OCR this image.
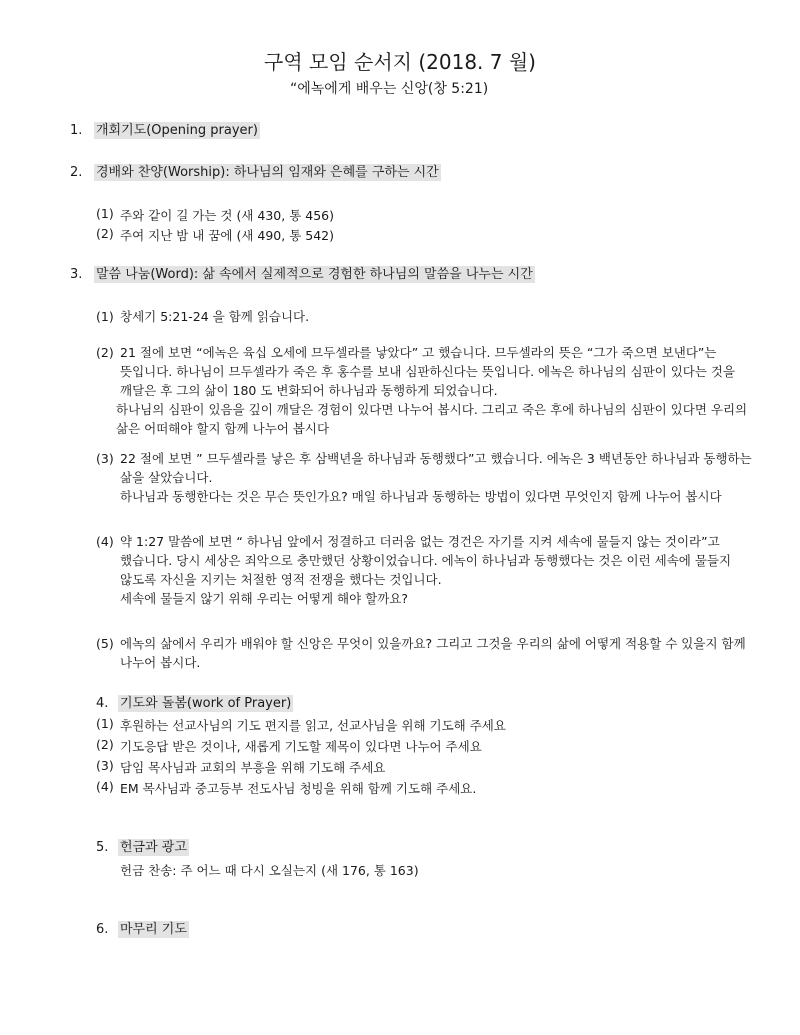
구역 모임 순서지 (2018. 7 월)
“에녹에게 배우는 신앙(창 5:21)
1. 개회기도(Opening prayer)
2. 경배와 찬양(Worship): 하나님의 임재와 은혜를 구하는 시간
(1) 주와 같이 길 가는 것 (새 430, 통 456)
(2) 주여 지난 밤 내 꿈에 (새 490, 통 542)
3. 말씀 나눔(Word): 삶 속에서 실제적으로 경험한 하나님의 말씀을 나누는 시간
(1) 창세기 5:21-24 을 함께 읽습니다.
(2) 21 절에 보면 “에녹은 육십 오세에 므두셀라를 낳았다” 고 했습니다. 므두셀라의 뜻은 “그가 죽으면 보낸다”는
뜻입니다. 하나님이 므두셀라가 죽은 후 홍수를 보내 심판하신다는 뜻입니다. 에녹은 하나님의 심판이 있다는 것을
깨달은 후 그의 삶이 180 도 변화되어 하나님과 동행하게 되었습니다.
하나님의 심판이 있음을 깊이 깨달은 경험이 있다면 나누어 봅시다. 그리고 죽은 후에 하나님의 심판이 있다면 우리의
삶은 어떠해야 할지 함께 나누어 봅시다
(3) 22 절에 보면 ” 므두셀라를 낳은 후 삼백년을 하나님과 동행했다”고 했습니다. 에녹은 3 백년동안 하나님과 동행하는
삶을 살았습니다.
하나님과 동행한다는 것은 무슨 뜻인가요? 매일 하나님과 동행하는 방법이 있다면 무엇인지 함께 나누어 봅시다
(4) 약 1:27 말씀에 보면 “ 하나님 앞에서 정결하고 더러움 없는 경건은 자기를 지켜 세속에 물들지 않는 것이라”고
했습니다. 당시 세상은 죄악으로 충만했던 상황이었습니다. 에녹이 하나님과 동행했다는 것은 이런 세속에 물들지
않도록 자신을 지키는 처절한 영적 전쟁을 했다는 것입니다.
세속에 물들지 않기 위해 우리는 어떻게 해야 할까요?
(5) 에녹의 삶에서 우리가 배워야 할 신앙은 무엇이 있을까요? 그리고 그것을 우리의 삶에 어떻게 적용할 수 있을지 함께
나누어 봅시다.
4. 기도와 돌봄(work of Prayer)
(1) 후원하는 선교사님의 기도 편지를 읽고, 선교사님을 위해 기도해 주세요
(2) 기도응답 받은 것이나, 새롭게 기도할 제목이 있다면 나누어 주세요
(3) 담임 목사님과 교회의 부흥을 위해 기도해 주세요
(4) EM 목사님과 중고등부 전도사님 청빙을 위해 함께 기도해 주세요.
5. 헌금과 광고
헌금 찬송: 주 어느 때 다시 오실는지 (새 176, 통 163)
6. 마무리 기도
